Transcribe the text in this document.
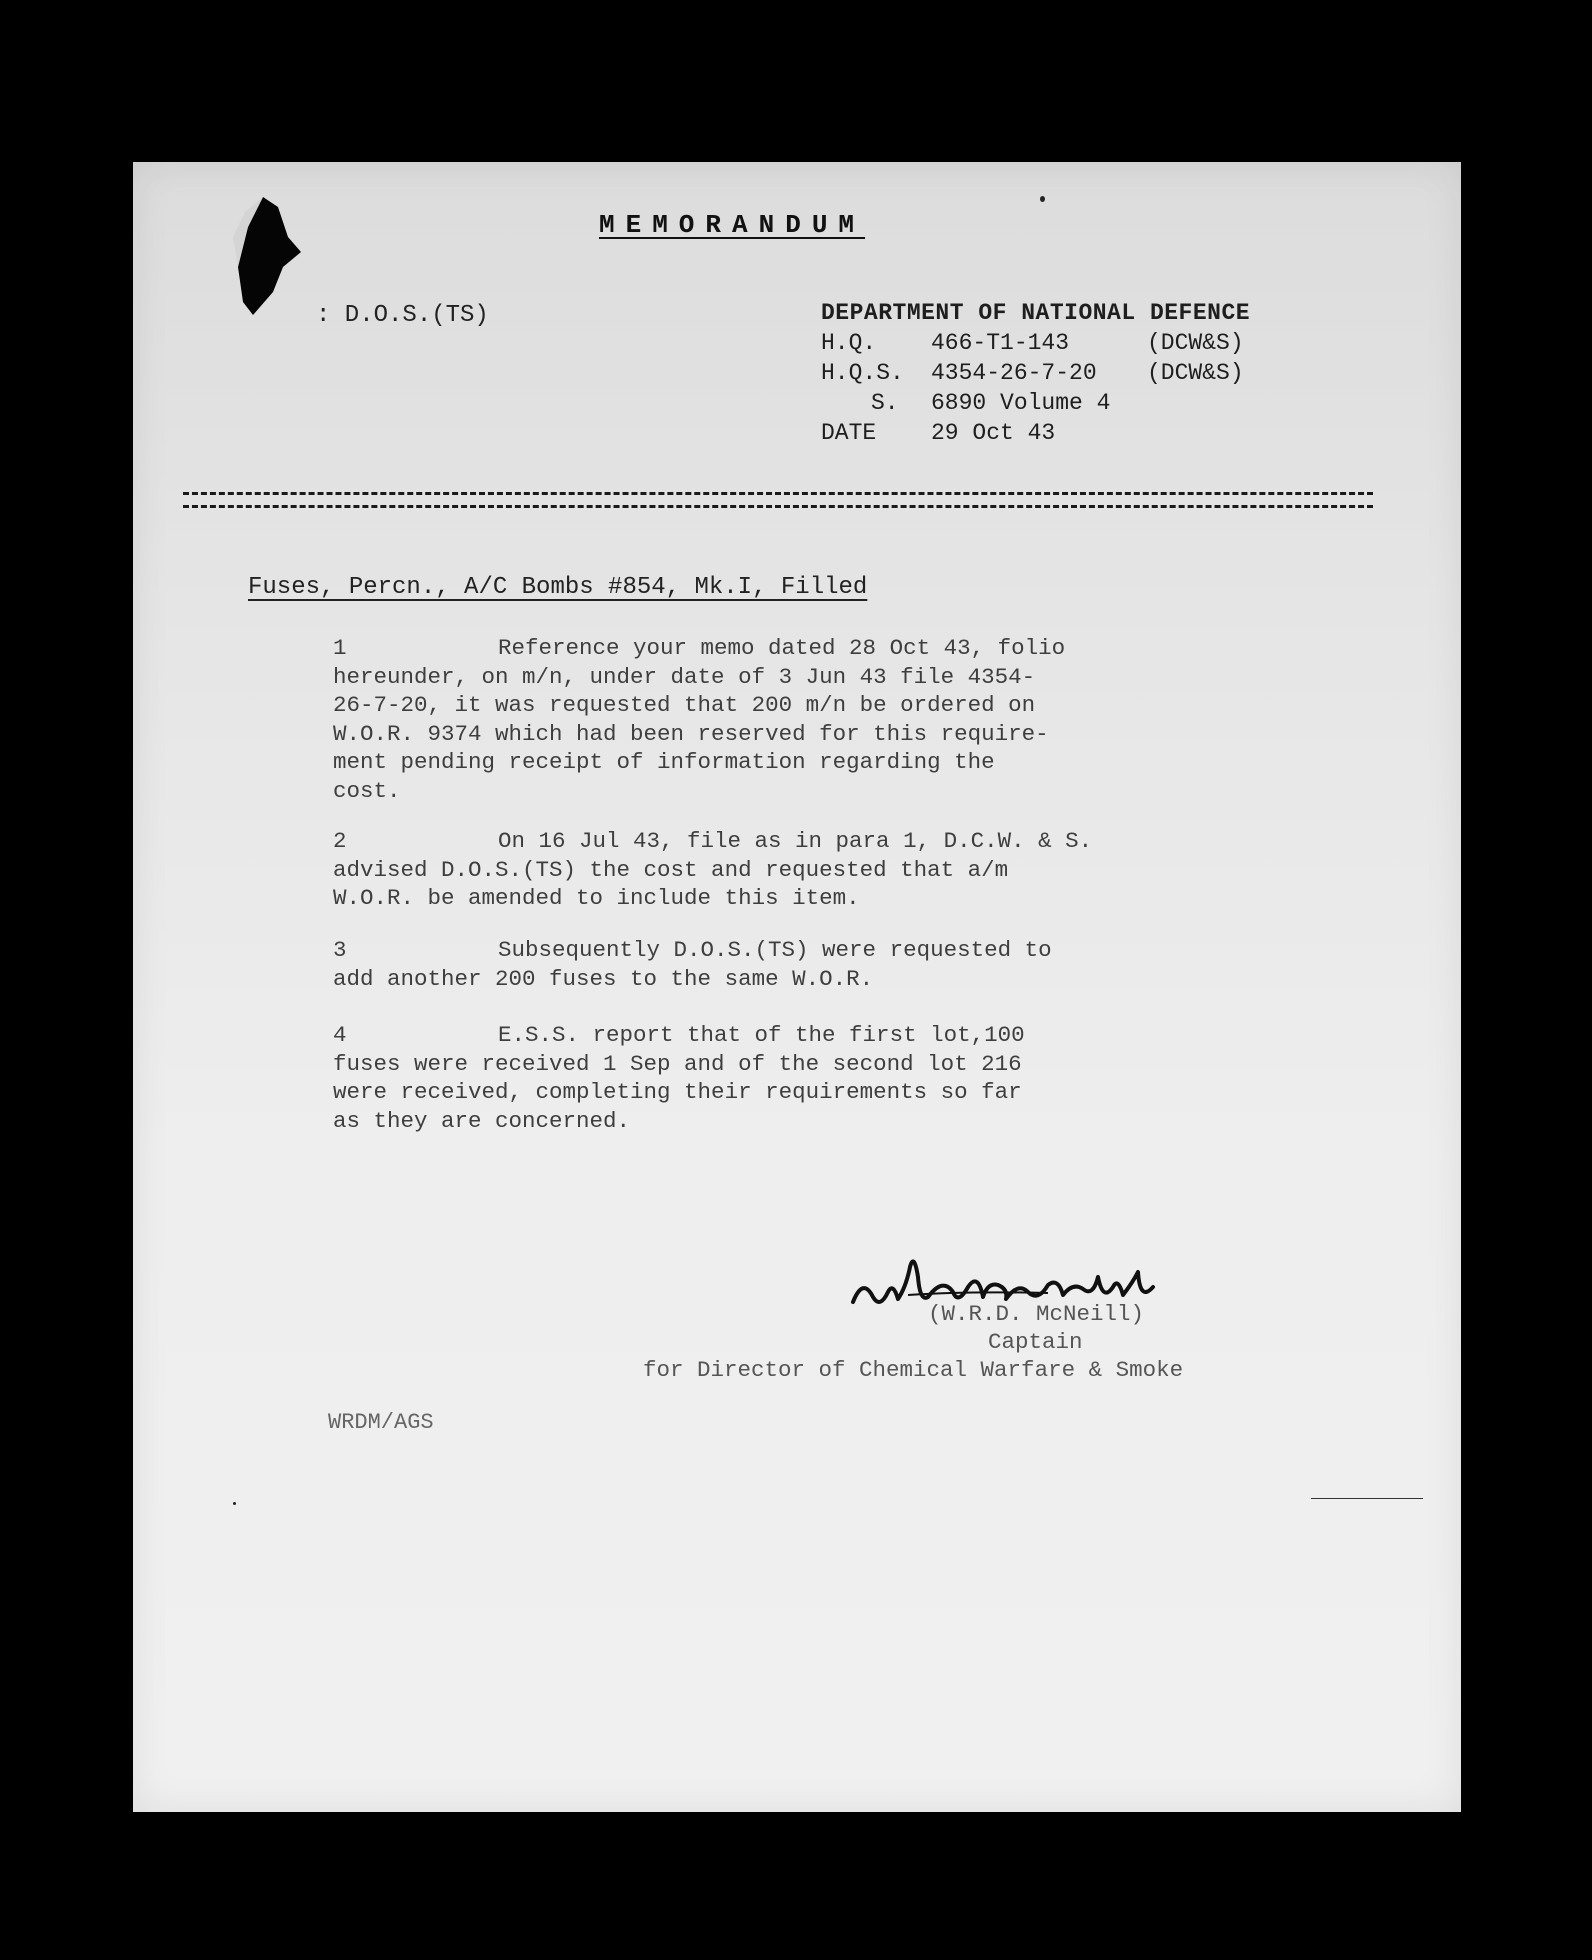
MEMORANDUM
: D.O.S.(TS)	DEPARTMENT OF NATIONAL DEFENCE
H.Q.	466-T1-143	(DCW&S)
H.Q.S.	4354-26-7-20	(DCW&S)
S.	6890 Volume 4
DATE	29 Oct 43
Fuses, Percn., A/C Bombs #854, Mk.I, Filled
1	Reference your memo dated 28 Oct 43, folio
hereunder, on m/n, under date of 3 Jun 43 file 4354-
26-7-20, it was requested that 200 m/n be ordered on
W.O.R. 9374 which had been reserved for this require-
ment pending receipt of information regarding the
cost.
2	On 16 Jul 43, file as in para 1, D.C.W. & S.
advised D.O.S.(TS) the cost and requested that a/m
W.O.R. be amended to include this item.
3	Subsequently D.O.S.(TS) were requested to
add another 200 fuses to the same W.O.R.
4	E.S.S. report that of the first lot,100
fuses were received 1 Sep and of the second lot 216
were received, completing their requirements so far
as they are concerned.
(W.R.D. McNeill)
Captain
for Director of Chemical Warfare & Smoke
WRDM/AGS
